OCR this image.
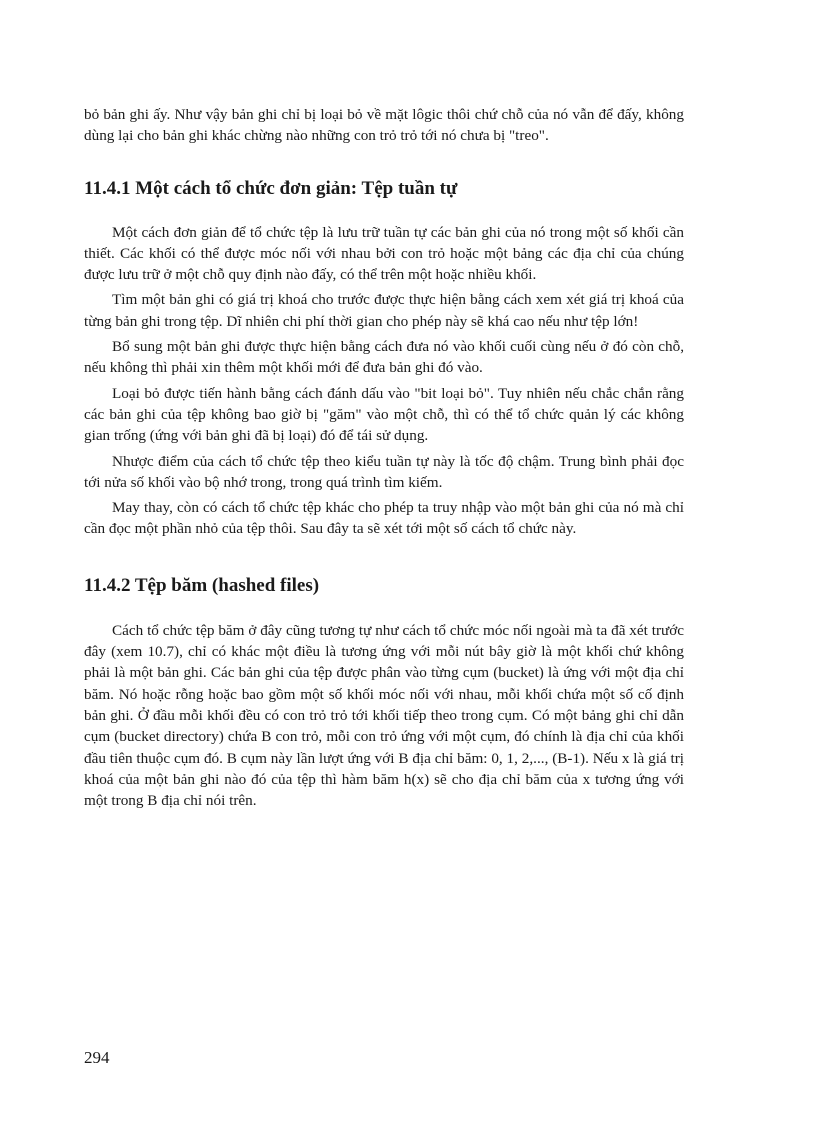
bỏ bản ghi ấy. Như vậy bản ghi chỉ bị loại bỏ về mặt lôgic thôi chứ chỗ của nó vẫn để đấy, không dùng lại cho bản ghi khác chừng nào những con trỏ trỏ tới nó chưa bị "treo".

11.4.1 Một cách tổ chức đơn giản: Tệp tuần tự

Một cách đơn giản để tổ chức tệp là lưu trữ tuần tự các bản ghi của nó trong một số khối cần thiết. Các khối có thể được móc nối với nhau bởi con trỏ hoặc một bảng các địa chỉ của chúng được lưu trữ ở một chỗ quy định nào đấy, có thể trên một hoặc nhiều khối.

Tìm một bản ghi có giá trị khoá cho trước được thực hiện bằng cách xem xét giá trị khoá của từng bản ghi trong tệp. Dĩ nhiên chi phí thời gian cho phép này sẽ khá cao nếu như tệp lớn!

Bổ sung một bản ghi được thực hiện bằng cách đưa nó vào khối cuối cùng nếu ở đó còn chỗ, nếu không thì phải xin thêm một khối mới để đưa bản ghi đó vào.

Loại bỏ được tiến hành bằng cách đánh dấu vào "bit loại bỏ". Tuy nhiên nếu chắc chắn rằng các bản ghi của tệp không bao giờ bị "găm" vào một chỗ, thì có thể tổ chức quản lý các không gian trống (ứng với bản ghi đã bị loại) đó để tái sử dụng.

Nhược điểm của cách tổ chức tệp theo kiểu tuần tự này là tốc độ chậm. Trung bình phải đọc tới nửa số khối vào bộ nhớ trong, trong quá trình tìm kiếm.

May thay, còn có cách tổ chức tệp khác cho phép ta truy nhập vào một bản ghi của nó mà chỉ cần đọc một phần nhỏ của tệp thôi. Sau đây ta sẽ xét tới một số cách tổ chức này.

11.4.2 Tệp băm (hashed files)

Cách tổ chức tệp băm ở đây cũng tương tự như cách tổ chức móc nối ngoài mà ta đã xét trước đây (xem 10.7), chỉ có khác một điều là tương ứng với mỗi nút bây giờ là một khối chứ không phải là một bản ghi. Các bản ghi của tệp được phân vào từng cụm (bucket) là ứng với một địa chỉ băm. Nó hoặc rỗng hoặc bao gồm một số khối móc nối với nhau, mỗi khối chứa một số cố định bản ghi. Ở đầu mỗi khối đều có con trỏ trỏ tới khối tiếp theo trong cụm. Có một bảng ghi chỉ dẫn cụm (bucket directory) chứa B con trỏ, mỗi con trỏ ứng với một cụm, đó chính là địa chỉ của khối đầu tiên thuộc cụm đó. B cụm này lần lượt ứng với B địa chỉ băm: 0, 1, 2,..., (B-1). Nếu x là giá trị khoá của một bản ghi nào đó của tệp thì hàm băm h(x) sẽ cho địa chỉ băm của x tương ứng với một trong B địa chỉ nói trên.

294
